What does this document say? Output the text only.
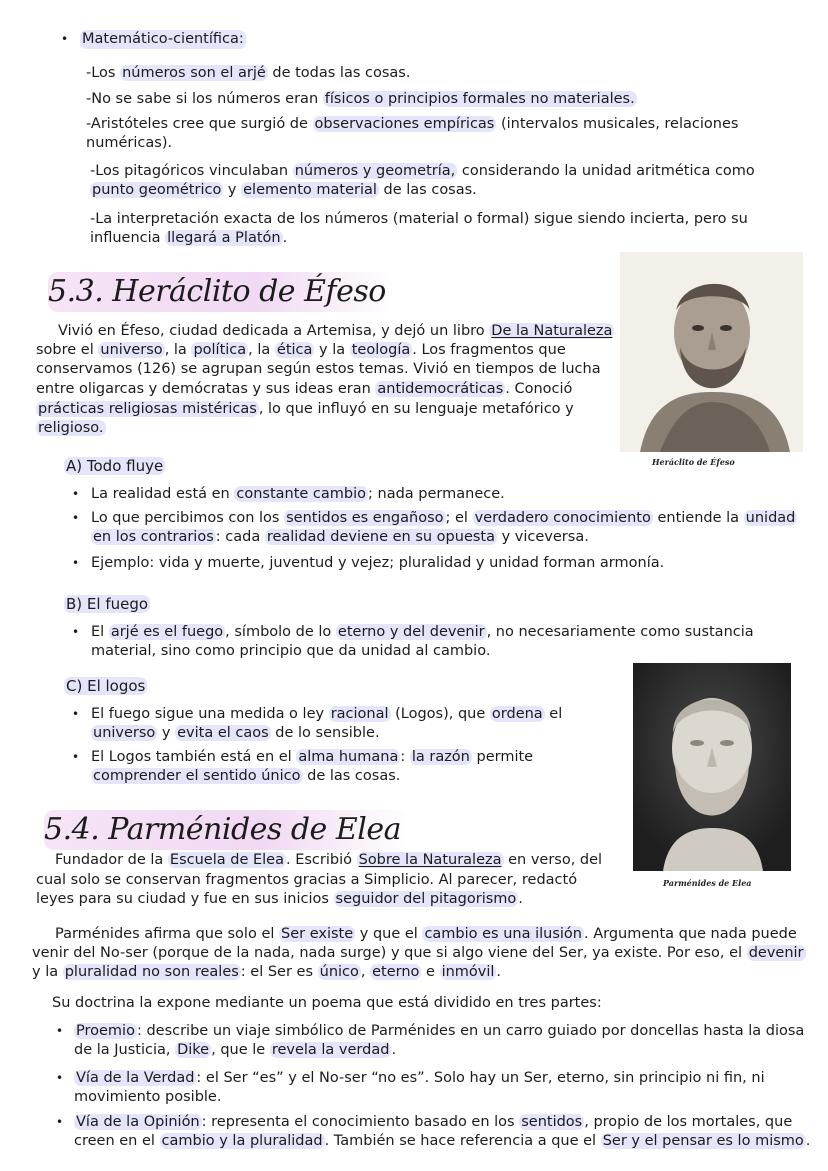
• Matemático-científica:
-Los números son el arjé de todas las cosas.
-No se sabe si los números eran físicos o principios formales no materiales.
-Aristóteles cree que surgió de observaciones empíricas (intervalos musicales, relaciones
numéricas).
-Los pitagóricos vinculaban números y geometría, considerando la unidad aritmética como
punto geométrico y elemento material de las cosas.
-La interpretación exacta de los números (material o formal) sigue siendo incierta, pero su
influencia llegará a Platón .
5.3. Heráclito de Éfeso
Heráclito de Éfeso
Vivió en Éfeso, ciudad dedicada a Artemisa, y dejó un libro De la Naturaleza
sobre el universo , la política , la ética y la teología . Los fragmentos que
conservamos (126) se agrupan según estos temas. Vivió en tiempos de lucha
entre oligarcas y demócratas y sus ideas eran antidemocráticas . Conoció
prácticas religiosas mistéricas , lo que influyó en su lenguaje metafórico y
religioso.
A) Todo fluye
• La realidad está en constante cambio ; nada permanece.
• Lo que percibimos con los sentidos es engañoso ; el verdadero conocimiento entiende la unidad
en los contrarios : cada realidad deviene en su opuesta y viceversa.
• Ejemplo: vida y muerte, juventud y vejez; pluralidad y unidad forman armonía.
B) El fuego
• El arjé es el fuego , símbolo de lo eterno y del devenir , no necesariamente como sustancia
material, sino como principio que da unidad al cambio.
C) El logos
• El fuego sigue una medida o ley racional (Logos), que ordena el
universo y evita el caos de lo sensible.
• El Logos también está en el alma humana : la razón permite
comprender el sentido único de las cosas.
Parménides de Elea
5.4. Parménides de Elea
Fundador de la Escuela de Elea . Escribió Sobre la Naturaleza en verso, del
cual solo se conservan fragmentos gracias a Simplicio. Al parecer, redactó
leyes para su ciudad y fue en sus inicios seguidor del pitagorismo .
Parménides afirma que solo el Ser existe y que el cambio es una ilusión . Argumenta que nada puede
venir del No-ser (porque de la nada, nada surge) y que si algo viene del Ser, ya existe. Por eso, el devenir
y la pluralidad no son reales : el Ser es único , eterno e inmóvil .
Su doctrina la expone mediante un poema que está dividido en tres partes:
• Proemio : describe un viaje simbólico de Parménides en un carro guiado por doncellas hasta la diosa
de la Justicia, Dike , que le revela la verdad .
• Vía de la Verdad : el Ser “es” y el No-ser “no es”. Solo hay un Ser, eterno, sin principio ni fin, ni
movimiento posible.
• Vía de la Opinión : representa el conocimiento basado en los sentidos , propio de los mortales, que
creen en el cambio y la pluralidad . También se hace referencia a que el Ser y el pensar es lo mismo .
